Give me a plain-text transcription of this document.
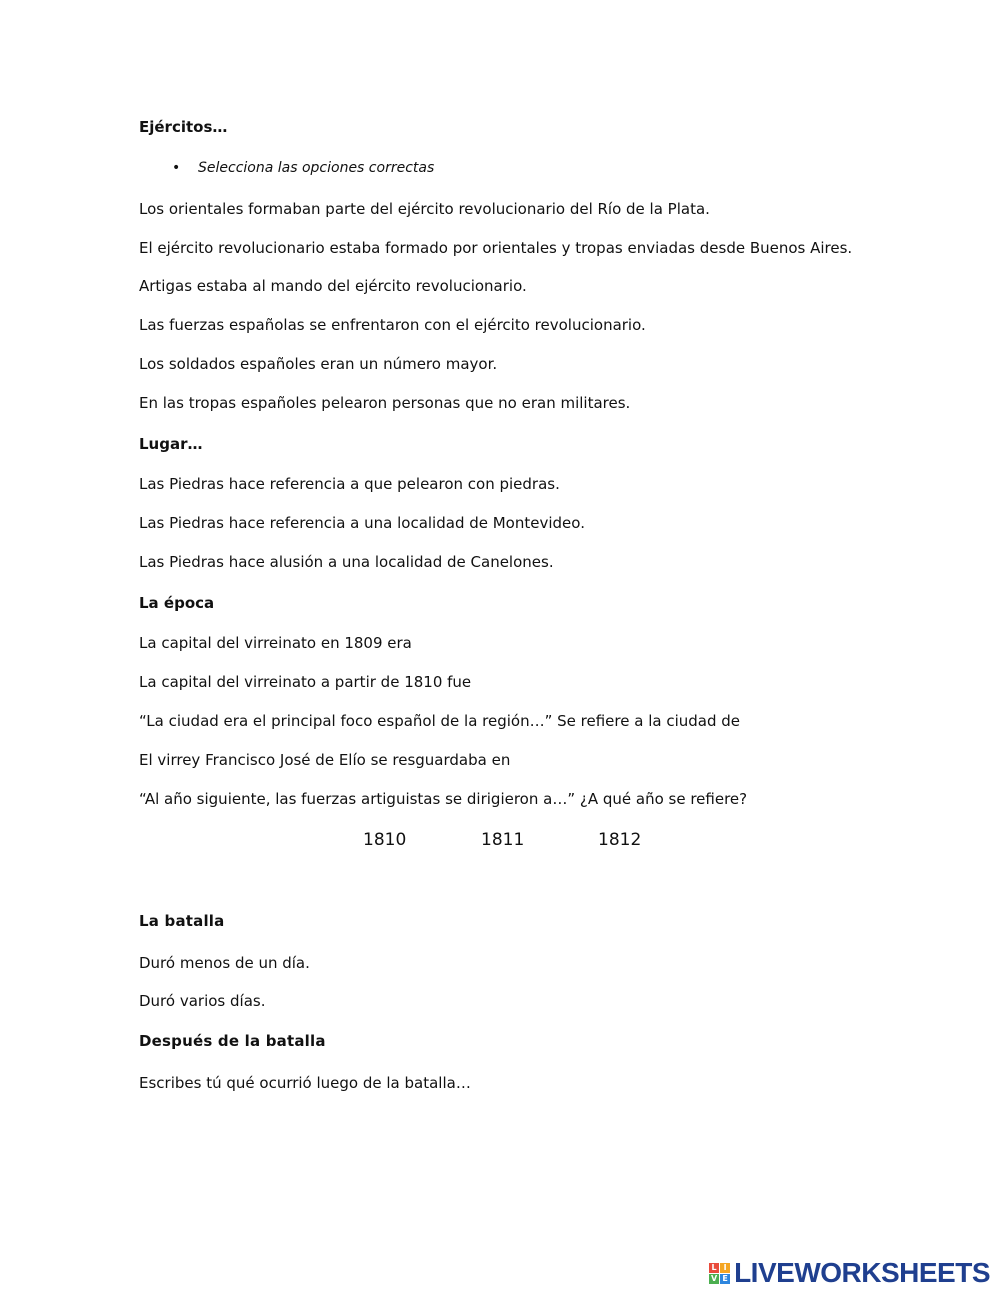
Ejércitos…
• Selecciona las opciones correctas
Los orientales formaban parte del ejército revolucionario del Río de la Plata.
El ejército revolucionario estaba formado por orientales y tropas enviadas desde Buenos Aires.
Artigas estaba al mando del ejército revolucionario.
Las fuerzas españolas se enfrentaron con el ejército revolucionario.
Los soldados españoles eran un número mayor.
En las tropas españoles pelearon personas que no eran militares.
Lugar…
Las Piedras hace referencia a que pelearon con piedras.
Las Piedras hace referencia a una localidad de Montevideo.
Las Piedras hace alusión a una localidad de Canelones.
La época
La capital del virreinato en 1809 era
La capital del virreinato a partir de 1810 fue
“La ciudad era el principal foco español de la región…” Se refiere a la ciudad de
El virrey Francisco José de Elío se resguardaba en
“Al año siguiente, las fuerzas artiguistas se dirigieron a…” ¿A qué año se refiere?
1810	1811	1812
La batalla
Duró menos de un día.
Duró varios días.
Después de la batalla
Escribes tú qué ocurrió luego de la batalla…
L I
V E LIVEWORKSHEETS
